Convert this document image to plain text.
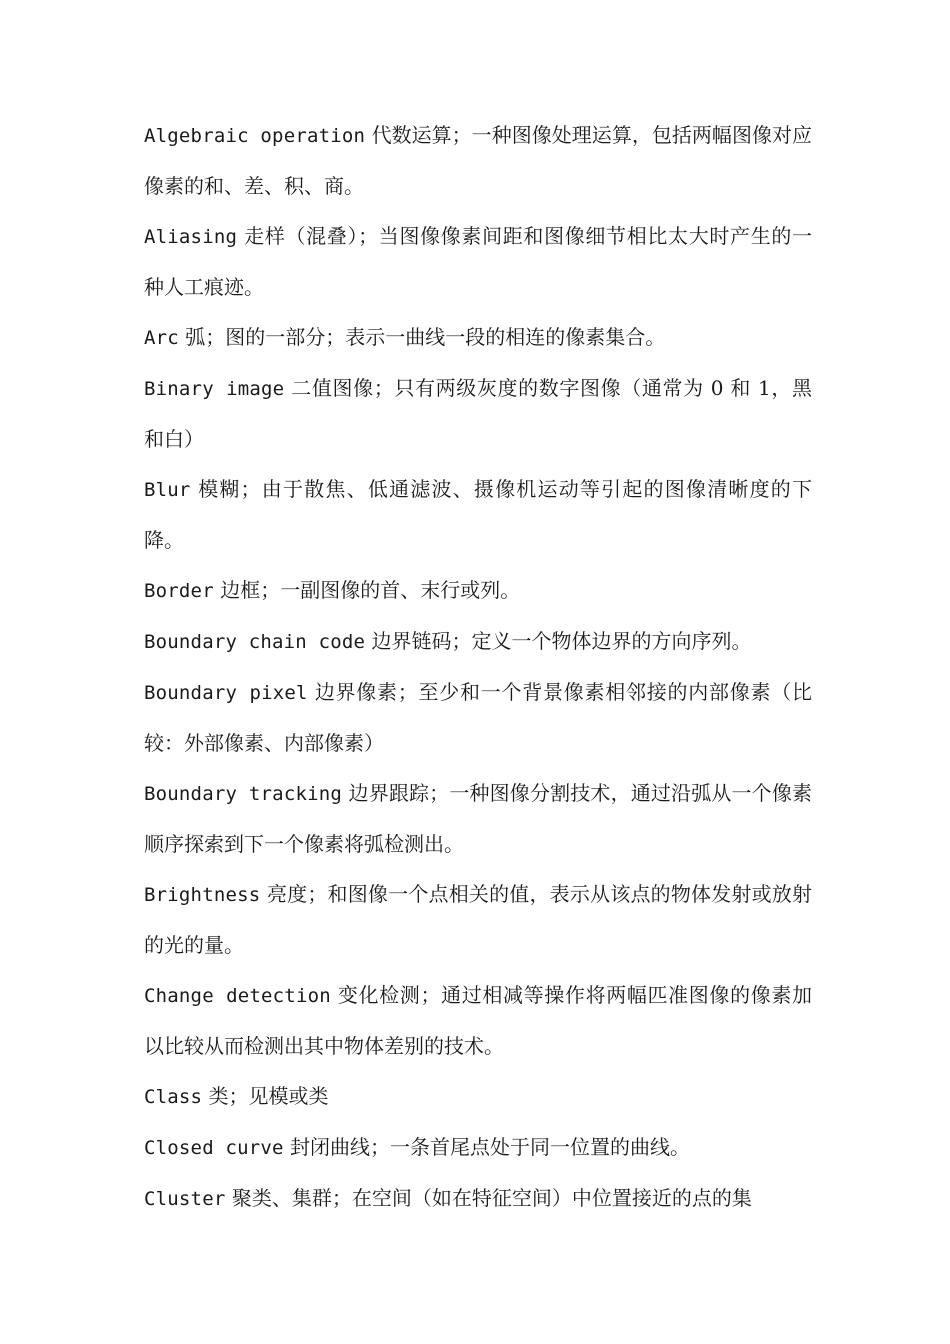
Algebraic operation 代数运算；一种图像处理运算，包括两幅图像对应像素的和、差、积、商。

Aliasing 走样（混叠）；当图像像素间距和图像细节相比太大时产生的一种人工痕迹。

Arc 弧；图的一部分；表示一曲线一段的相连的像素集合。

Binary image 二值图像；只有两级灰度的数字图像（通常为 0 和 1，黑和白）

Blur 模糊；由于散焦、低通滤波、摄像机运动等引起的图像清晰度的下降。

Border 边框；一副图像的首、末行或列。

Boundary chain code 边界链码；定义一个物体边界的方向序列。

Boundary pixel 边界像素；至少和一个背景像素相邻接的内部像素（比较：外部像素、内部像素）

Boundary tracking 边界跟踪；一种图像分割技术，通过沿弧从一个像素顺序探索到下一个像素将弧检测出。

Brightness 亮度；和图像一个点相关的值，表示从该点的物体发射或放射的光的量。

Change detection 变化检测；通过相减等操作将两幅匹准图像的像素加以比较从而检测出其中物体差别的技术。

Class 类；见模或类

Closed curve 封闭曲线；一条首尾点处于同一位置的曲线。

Cluster 聚类、集群；在空间（如在特征空间）中位置接近的点的集
